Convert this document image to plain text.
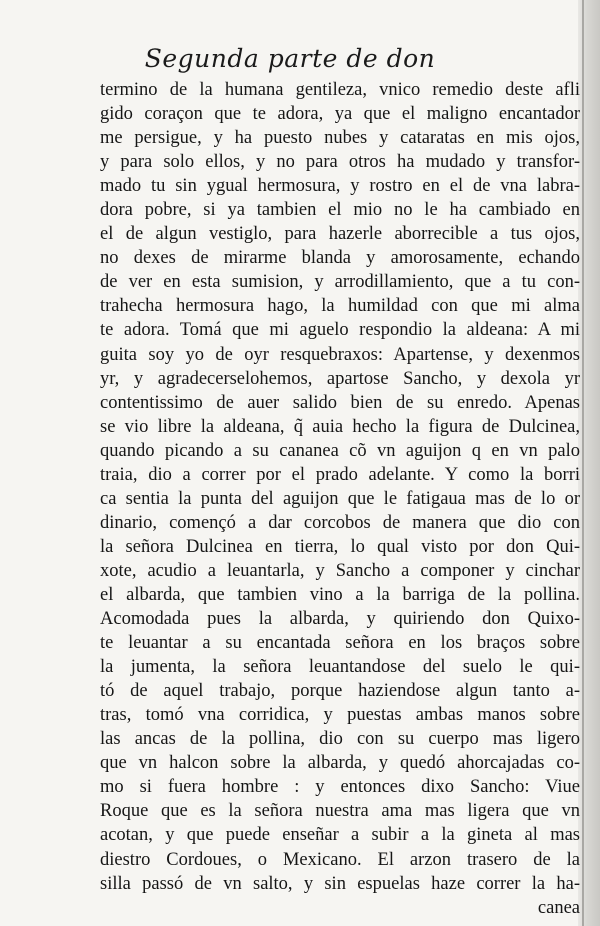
Segunda parte de don
termino de la humana gentileza, vnico remedio deste afli
gido coraçon que te adora, ya que el maligno encantador
me persigue, y ha puesto nubes y cataratas en mis ojos,
y para solo ellos, y no para otros ha mudado y transfor-
mado tu sin ygual hermosura, y rostro en el de vna labra-
dora pobre, si ya tambien el mio no le ha cambiado en
el de algun vestiglo, para hazerle aborrecible a tus ojos,
no dexes de mirarme blanda y amorosamente, echando
de ver en esta sumision, y arrodillamiento, que a tu con-
trahecha hermosura hago, la humildad con que mi alma
te adora. Tomá que mi aguelo respondio la aldeana: A mi
guita soy yo de oyr resquebraxos: Apartense, y dexenmos
yr, y agradecerselohemos, apartose Sancho, y dexola yr
contentissimo de auer salido bien de su enredo. Apenas
se vio libre la aldeana, q̃ auia hecho la figura de Dulcinea,
quando picando a su cananea cõ vn aguijon q en vn palo
traia, dio a correr por el prado adelante. Y como la borri
ca sentia la punta del aguijon que le fatigaua mas de lo or
dinario, començó a dar corcobos de manera que dio con
la señora Dulcinea en tierra, lo qual visto por don Qui-
xote, acudio a leuantarla, y Sancho a componer y cinchar
el albarda, que tambien vino a la barriga de la pollina.
Acomodada pues la albarda, y quiriendo don Quixo-
te leuantar a su encantada señora en los braços sobre
la jumenta, la señora leuantandose del suelo le qui-
tó de aquel trabajo, porque haziendose algun tanto a-
tras, tomó vna corridica, y puestas ambas manos sobre
las ancas de la pollina, dio con su cuerpo mas ligero
que vn halcon sobre la albarda, y quedó ahorcajadas co-
mo si fuera hombre : y entonces dixo Sancho: Viue
Roque que es la señora nuestra ama mas ligera que vn
acotan, y que puede enseñar a subir a la gineta al mas
diestro Cordoues, o Mexicano. El arzon trasero de la
silla passó de vn salto, y sin espuelas haze correr la ha-
canea
